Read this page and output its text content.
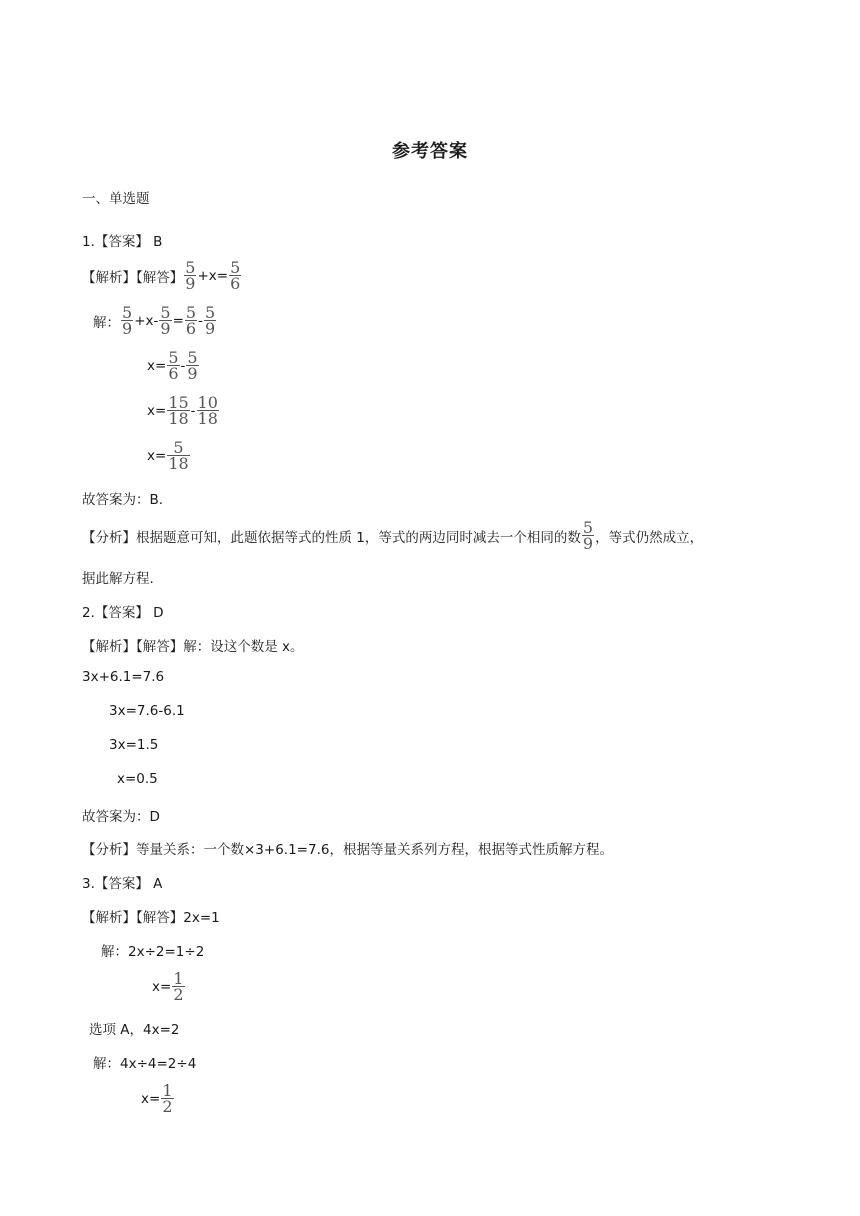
参考答案
一、单选题
1.【答案】 B
【解析】【解答】 $\frac{5}{9} +x= \frac{5}{6}$
解： $\frac{5}{9} +x- \frac{5}{9} = \frac{5}{6} - \frac{5}{9}$
$x= \frac{5}{6} - \frac{5}{9}$
$x= \frac{15}{18} - \frac{10}{18}$
$x= \frac{5}{18}$
故答案为：B.
【分析】根据题意可知，此题依据等式的性质 1，等式的两边同时减去一个相同的数 $\frac{5}{9}$ ，等式仍然成立，
据此解方程.
2.【答案】 D
【解析】【解答】解：设这个数是 x。
3x+6.1=7.6
3x=7.6-6.1
3x=1.5
x=0.5
故答案为：D
【分析】等量关系：一个数×3+6.1=7.6，根据等量关系列方程，根据等式性质解方程。
3.【答案】 A
【解析】【解答】2x=1
解：2x÷2=1÷2
$x= \frac{1}{2}$
选项 A，4x=2
解：4x÷4=2÷4
$x= \frac{1}{2}$
